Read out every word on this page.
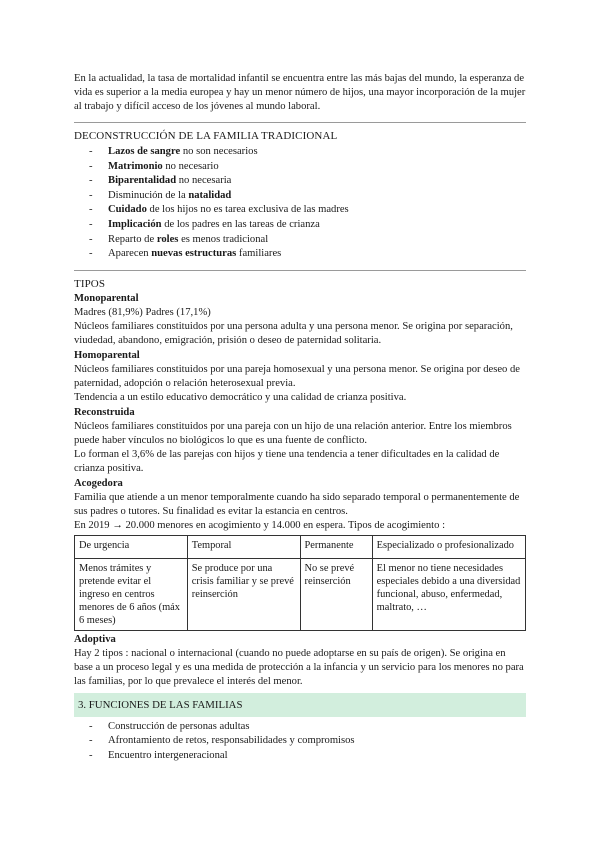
En la actualidad, la tasa de mortalidad infantil se encuentra entre las más bajas del mundo, la esperanza de vida es superior a la media europea y hay un menor número de hijos, una mayor incorporación de la mujer al trabajo y difícil acceso de los jóvenes al mundo laboral.

DECONSTRUCCIÓN DE LA FAMILIA TRADICIONAL
- Lazos de sangre no son necesarios
- Matrimonio no necesario
- Biparentalidad no necesaria
- Disminución de la natalidad
- Cuidado de los hijos no es tarea exclusiva de las madres
- Implicación de los padres en las tareas de crianza
- Reparto de roles es menos tradicional
- Aparecen nuevas estructuras familiares
TIPOS
Monoparental

Madres (81,9%) Padres (17,1%)

Núcleos familiares constituidos por una persona adulta y una persona menor. Se origina por separación, viudedad, abandono, emigración, prisión o deseo de paternidad solitaria.

Homoparental

Núcleos familiares constituidos por una pareja homosexual y una persona menor. Se origina por deseo de paternidad, adopción o relación heterosexual previa.

Tendencia a un estilo educativo democrático y una calidad de crianza positiva.

Reconstruida

Núcleos familiares constituidos por una pareja con un hijo de una relación anterior. Entre los miembros puede haber vínculos no biológicos lo que es una fuente de conflicto.

Lo forman el 3,6% de las parejas con hijos y tiene una tendencia a tener dificultades en la calidad de crianza positiva.

Acogedora

Familia que atiende a un menor temporalmente cuando ha sido separado temporal o permanentemente de sus padres o tutores. Su finalidad es evitar la estancia en centros.

En 2019 → 20.000 menores en acogimiento y 14.000 en espera. Tipos de acogimiento :

De urgencia	Temporal	Permanente	Especializado o profesionalizado
Menos trámites y pretende evitar el ingreso en centros menores de 6 años (máx 6 meses)	Se produce por una crisis familiar y se prevé reinserción	No se prevé reinserción	El menor no tiene necesidades especiales debido a una diversidad funcional, abuso, enfermedad, maltrato, …
Adoptiva

Hay 2 tipos : nacional o internacional (cuando no puede adoptarse en su país de origen). Se origina en base a un proceso legal y es una medida de protección a la infancia y un servicio para los menores no para las familias, por lo que prevalece el interés del menor.

3. FUNCIONES DE LAS FAMILIAS
- Construcción de personas adultas
- Afrontamiento de retos, responsabilidades y compromisos
- Encuentro intergeneracional
